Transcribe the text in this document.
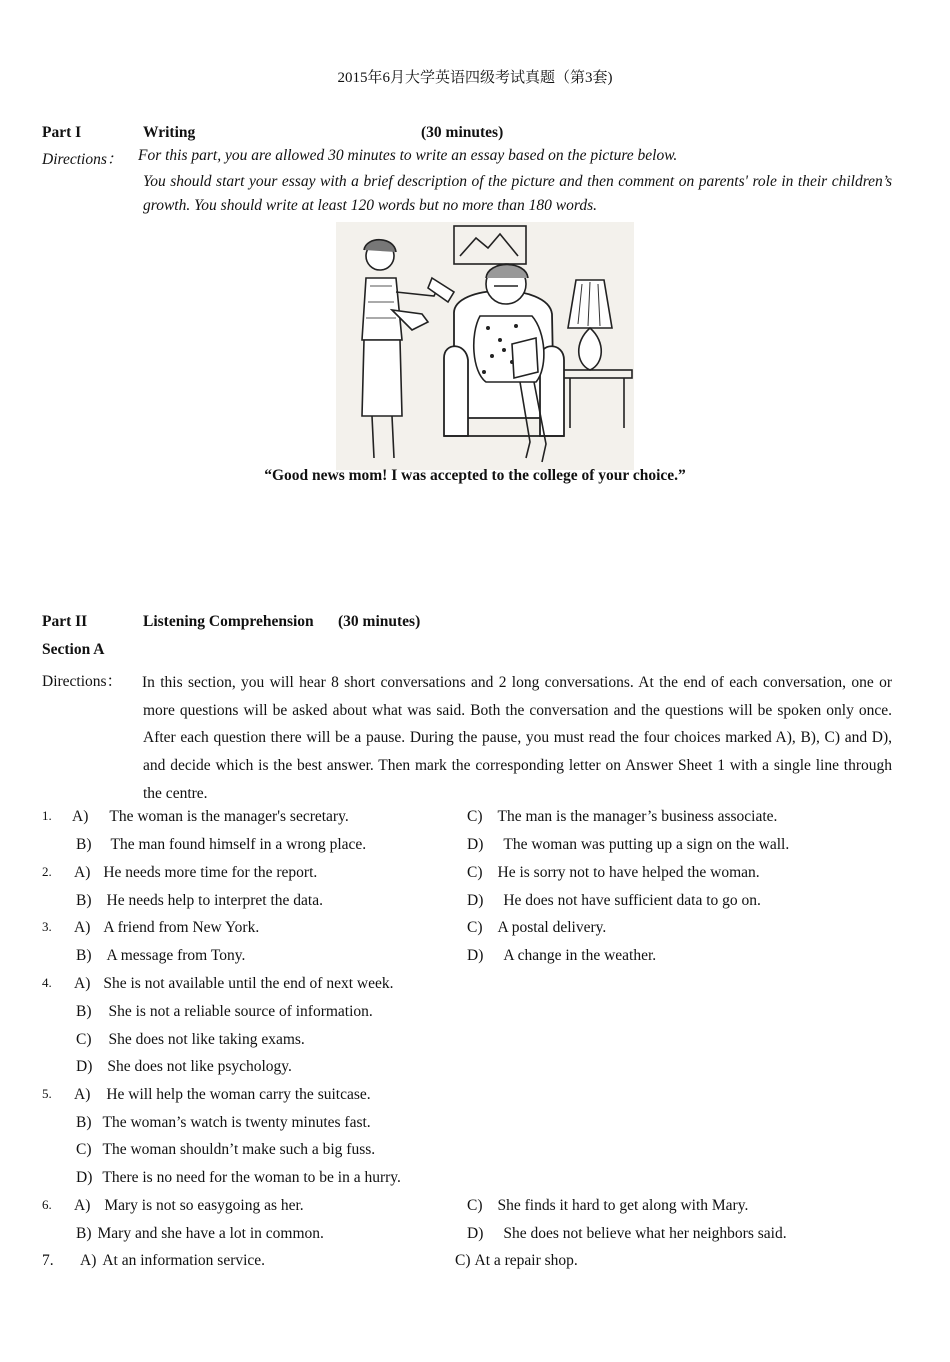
2015年6月大学英语四级考试真题（第3套)
Part I	Writing	(30 minutes)
Directions： For this part, you are allowed 30 minutes to write an essay based on the picture below.
You should start your essay with a brief description of the picture and then comment on parents' role in their children’s growth. You should write at least 120 words but no more than 180 words.
“Good news mom! I was accepted to the college of your choice.”
Part II	Listening Comprehension (30 minutes)
Section A
Directions： In this section, you will hear 8 short conversations and 2 long conversations. At the end of each conversation, one or more questions will be asked about what was said. Both the conversation and the questions will be spoken only once. After each question there will be a pause. During the pause, you must read the four choices marked A), B), C) and D), and decide which is the best answer. Then mark the corresponding letter on Answer Sheet 1 with a single line through the centre.
1. A) The woman is the manager's secretary.
B) The man found himself in a wrong place.
C) The man is the manager’s business associate.
D) The woman was putting up a sign on the wall.
2. A) He needs more time for the report.
B) He needs help to interpret the data.
C) He is sorry not to have helped the woman.
D) He does not have sufficient data to go on.
3. A) A friend from New York.
B) A message from Tony.
C) A postal delivery.
D) A change in the weather.
4. A) She is not available until the end of next week.
B) She is not a reliable source of information.
C) She does not like taking exams.
D) She does not like psychology.
5. A) He will help the woman carry the suitcase.
B) The woman’s watch is twenty minutes fast.
C) The woman shouldn’t make such a big fuss.
D) There is no need for the woman to be in a hurry.
6. A) Mary is not so easygoing as her.
B) Mary and she have a lot in common.
C) She finds it hard to get along with Mary.
D) She does not believe what her neighbors said.
7. A) At an information service.	C) At a repair shop.
